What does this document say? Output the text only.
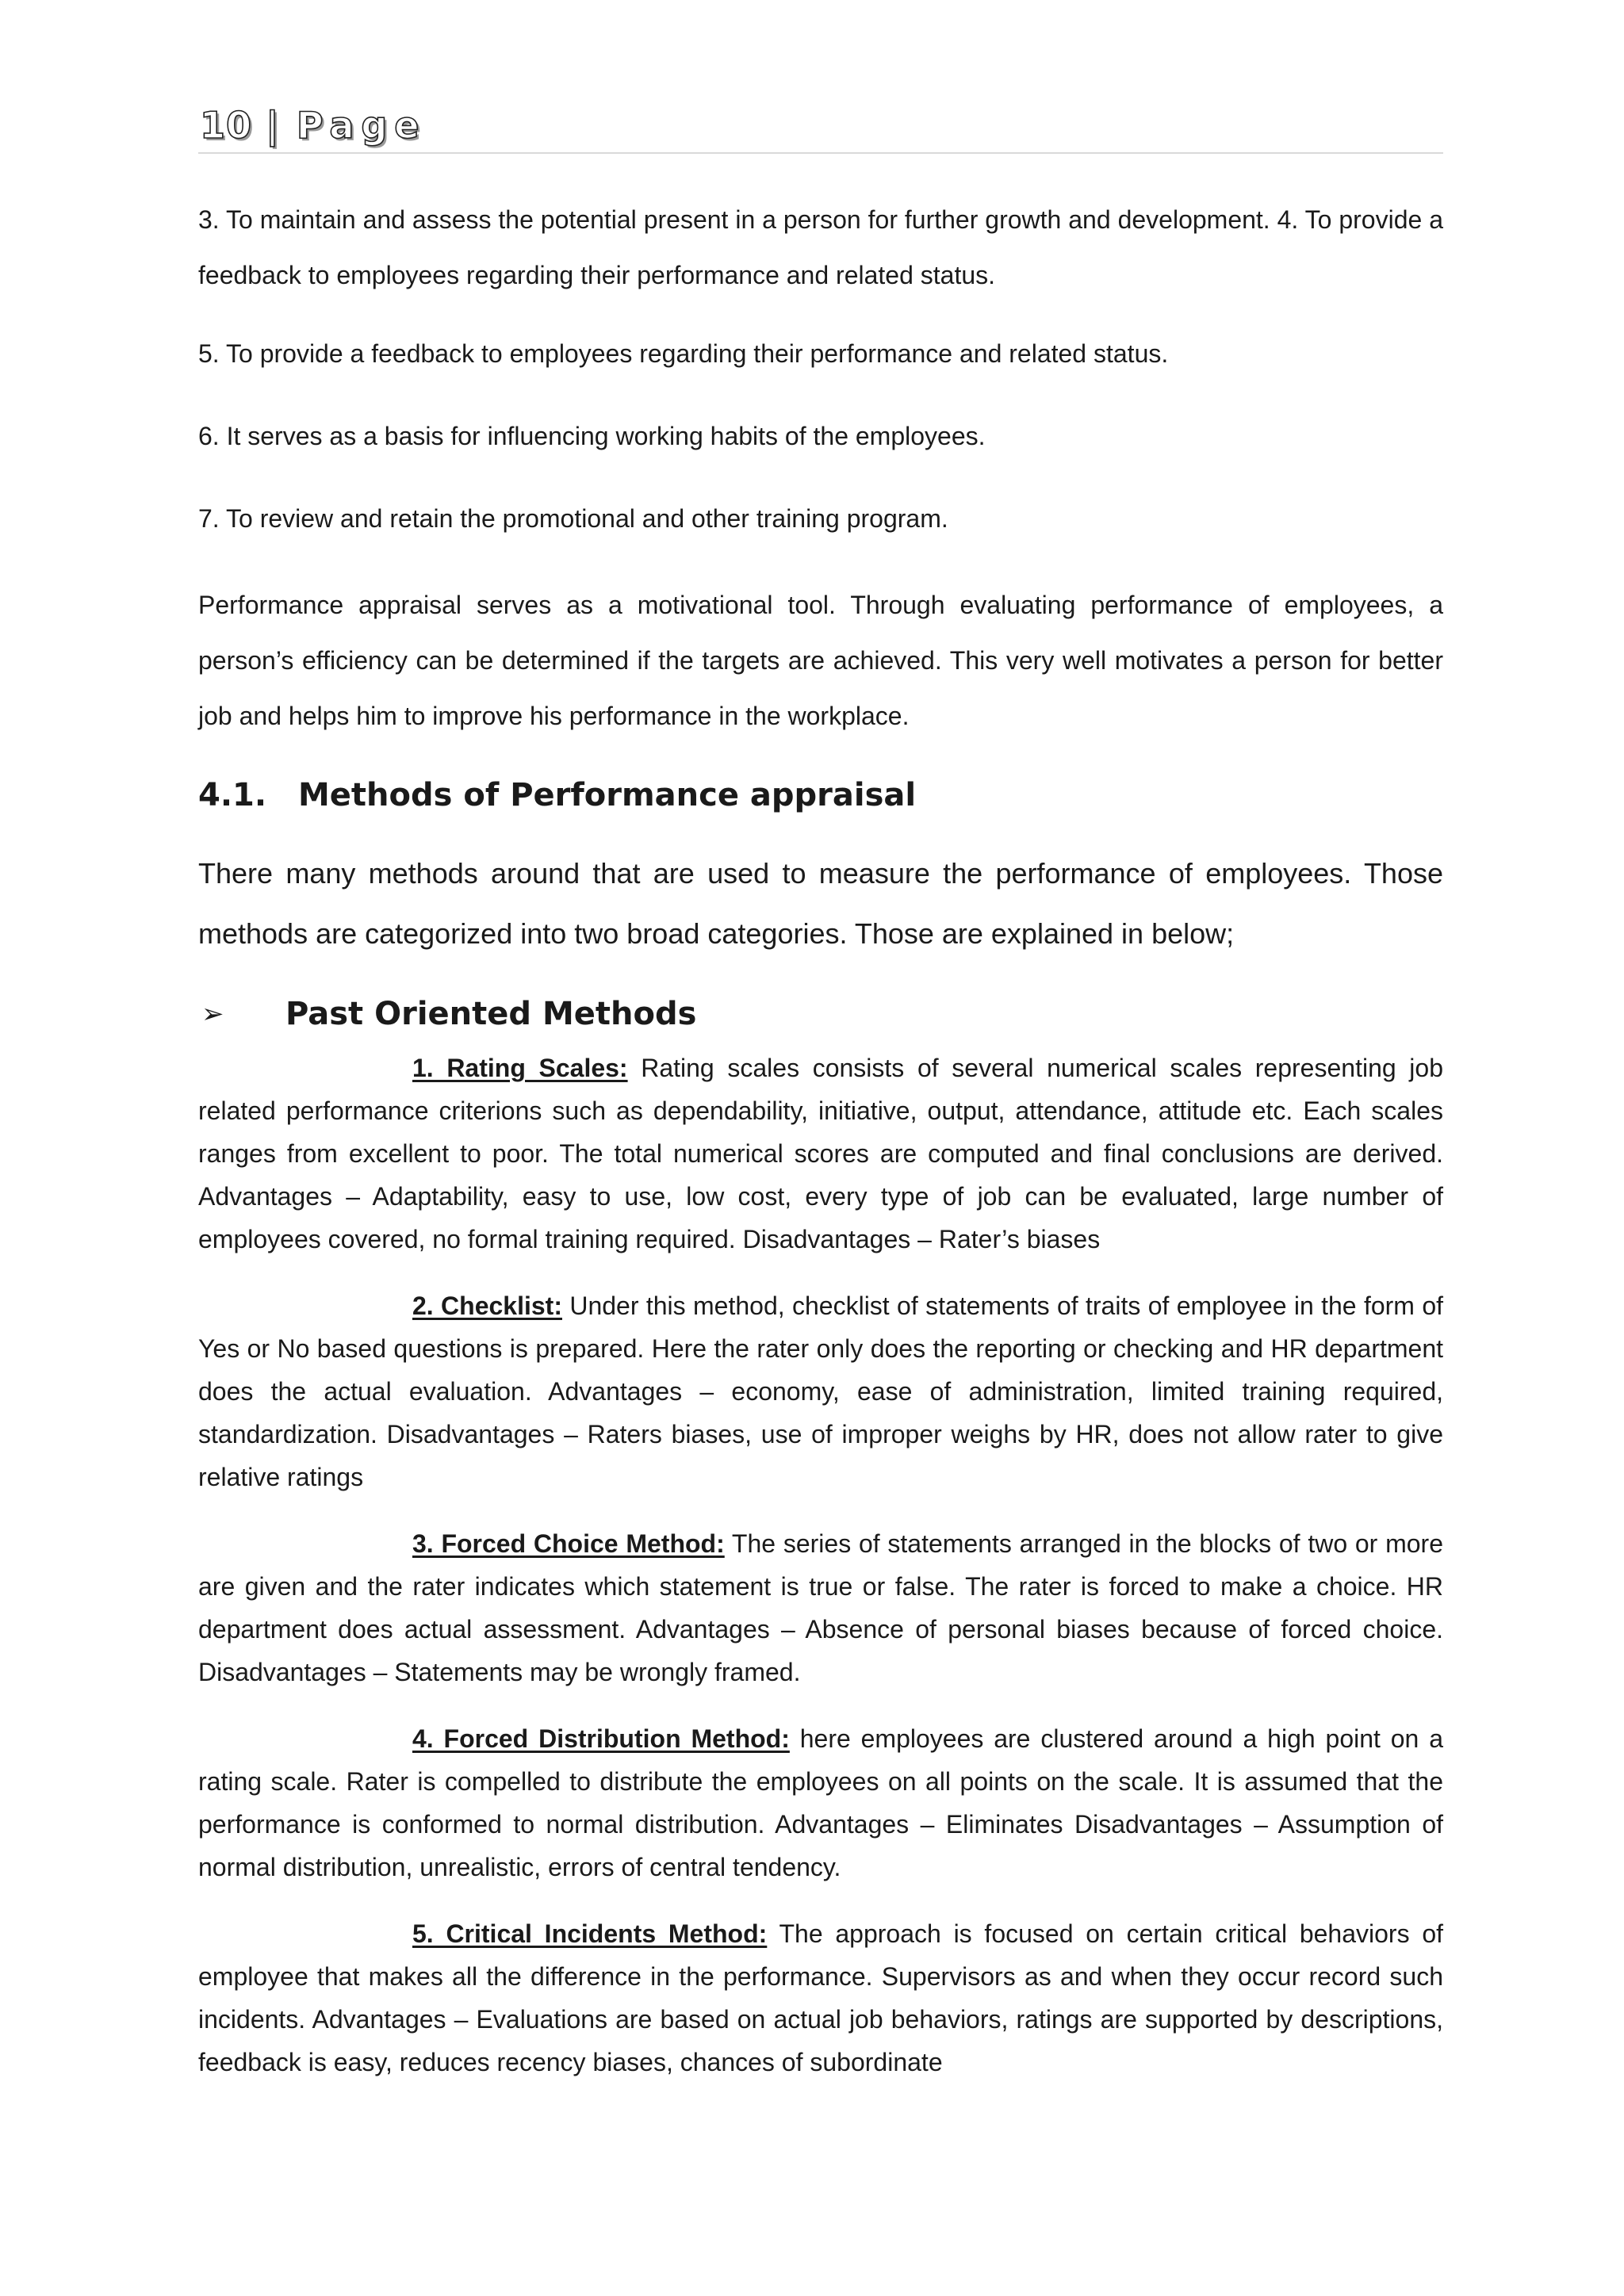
10 | Page

3. To maintain and assess the potential present in a person for further growth and development. 4. To provide a feedback to employees regarding their performance and related status.

5. To provide a feedback to employees regarding their performance and related status.

6. It serves as a basis for influencing working habits of the employees.

7. To review and retain the promotional and other training program.

Performance appraisal serves as a motivational tool. Through evaluating performance of employees, a person’s efficiency can be determined if the targets are achieved. This very well motivates a person for better job and helps him to improve his performance in the workplace.

4.1. Methods of Performance appraisal

There many methods around that are used to measure the performance of employees. Those methods are categorized into two broad categories. Those are explained in below;

➢	Past Oriented Methods

1. Rating Scales: Rating scales consists of several numerical scales representing job related performance criterions such as dependability, initiative, output, attendance, attitude etc. Each scales ranges from excellent to poor. The total numerical scores are computed and final conclusions are derived. Advantages – Adaptability, easy to use, low cost, every type of job can be evaluated, large number of employees covered, no formal training required. Disadvantages – Rater’s biases

2. Checklist: Under this method, checklist of statements of traits of employee in the form of Yes or No based questions is prepared. Here the rater only does the reporting or checking and HR department does the actual evaluation. Advantages – economy, ease of administration, limited training required, standardization. Disadvantages – Raters biases, use of improper weighs by HR, does not allow rater to give relative ratings

3. Forced Choice Method: The series of statements arranged in the blocks of two or more are given and the rater indicates which statement is true or false. The rater is forced to make a choice. HR department does actual assessment. Advantages – Absence of personal biases because of forced choice. Disadvantages – Statements may be wrongly framed.

4. Forced Distribution Method: here employees are clustered around a high point on a rating scale. Rater is compelled to distribute the employees on all points on the scale. It is assumed that the performance is conformed to normal distribution. Advantages – Eliminates Disadvantages – Assumption of normal distribution, unrealistic, errors of central tendency.

5. Critical Incidents Method: The approach is focused on certain critical behaviors of employee that makes all the difference in the performance. Supervisors as and when they occur record such incidents. Advantages – Evaluations are based on actual job behaviors, ratings are supported by descriptions, feedback is easy, reduces recency biases, chances of subordinate
